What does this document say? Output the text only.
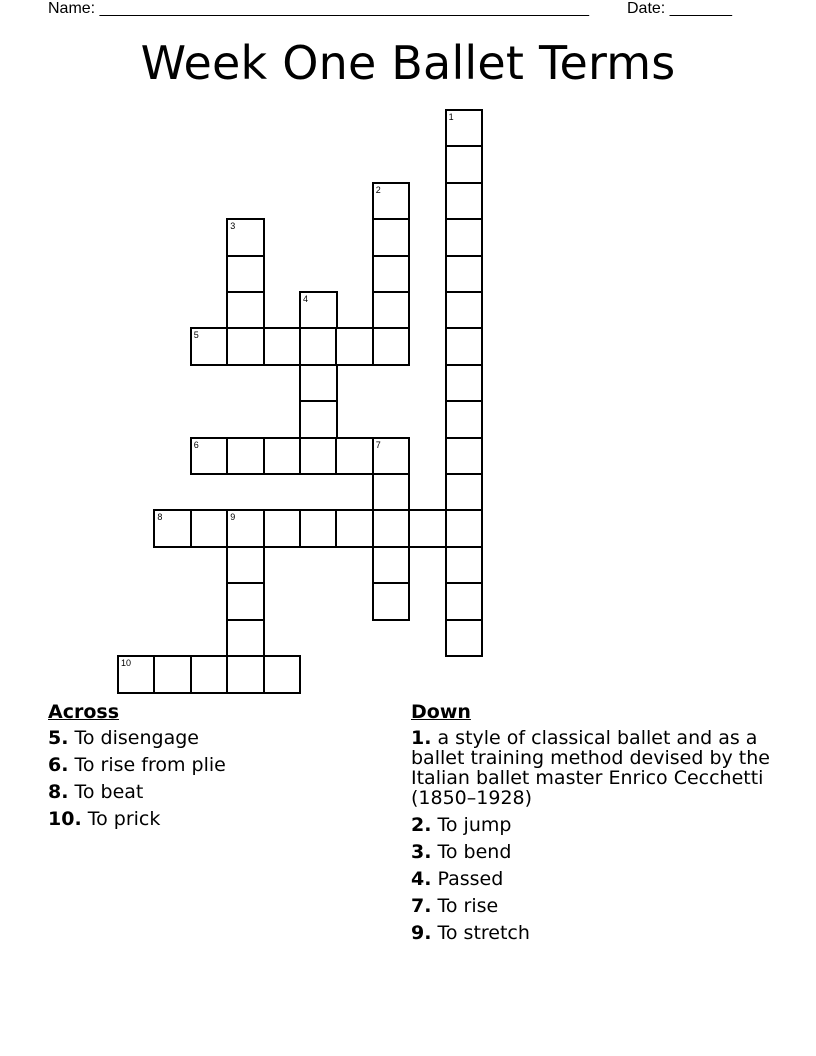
Name: _______________________________________________________ Date: _______
Week One Ballet Terms
1
2
3
4
5
6	7
8	9
10
Across
5. To disengage
6. To rise from plie
8. To beat
10. To prick
Down
1. a style of classical ballet and as a ballet training method devised by the Italian ballet master Enrico Cecchetti (1850–1928)
2. To jump
3. To bend
4. Passed
7. To rise
9. To stretch
